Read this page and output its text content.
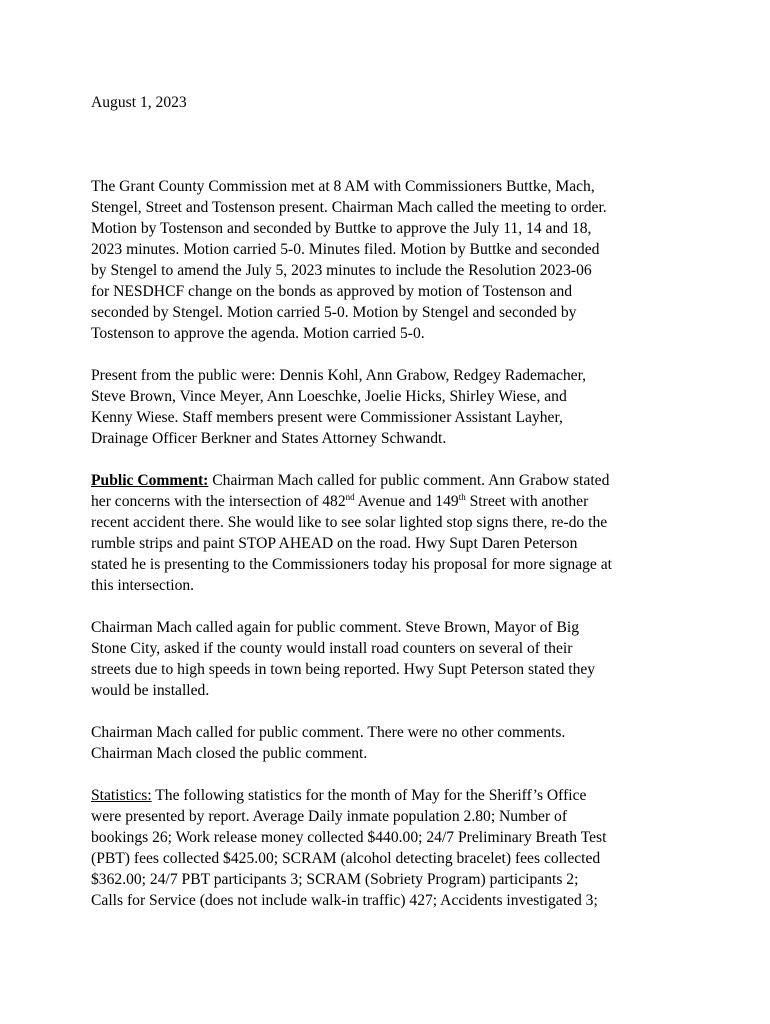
August 1, 2023
The Grant County Commission met at 8 AM with Commissioners Buttke, Mach,
Stengel, Street and Tostenson present. Chairman Mach called the meeting to order.
Motion by Tostenson and seconded by Buttke to approve the July 11, 14 and 18,
2023 minutes. Motion carried 5-0. Minutes filed. Motion by Buttke and seconded
by Stengel to amend the July 5, 2023 minutes to include the Resolution 2023-06
for NESDHCF change on the bonds as approved by motion of Tostenson and
seconded by Stengel. Motion carried 5-0. Motion by Stengel and seconded by
Tostenson to approve the agenda. Motion carried 5-0.
Present from the public were: Dennis Kohl, Ann Grabow, Redgey Rademacher,
Steve Brown, Vince Meyer, Ann Loeschke, Joelie Hicks, Shirley Wiese, and
Kenny Wiese. Staff members present were Commissioner Assistant Layher,
Drainage Officer Berkner and States Attorney Schwandt.
Public Comment: Chairman Mach called for public comment. Ann Grabow stated
her concerns with the intersection of 482nd Avenue and 149th Street with another
recent accident there. She would like to see solar lighted stop signs there, re-do the
rumble strips and paint STOP AHEAD on the road. Hwy Supt Daren Peterson
stated he is presenting to the Commissioners today his proposal for more signage at
this intersection.
Chairman Mach called again for public comment. Steve Brown, Mayor of Big
Stone City, asked if the county would install road counters on several of their
streets due to high speeds in town being reported. Hwy Supt Peterson stated they
would be installed.
Chairman Mach called for public comment. There were no other comments.
Chairman Mach closed the public comment.
Statistics: The following statistics for the month of May for the Sheriff’s Office
were presented by report. Average Daily inmate population 2.80; Number of
bookings 26; Work release money collected $440.00; 24/7 Preliminary Breath Test
(PBT) fees collected $425.00; SCRAM (alcohol detecting bracelet) fees collected
$362.00; 24/7 PBT participants 3; SCRAM (Sobriety Program) participants 2;
Calls for Service (does not include walk-in traffic) 427; Accidents investigated 3;
